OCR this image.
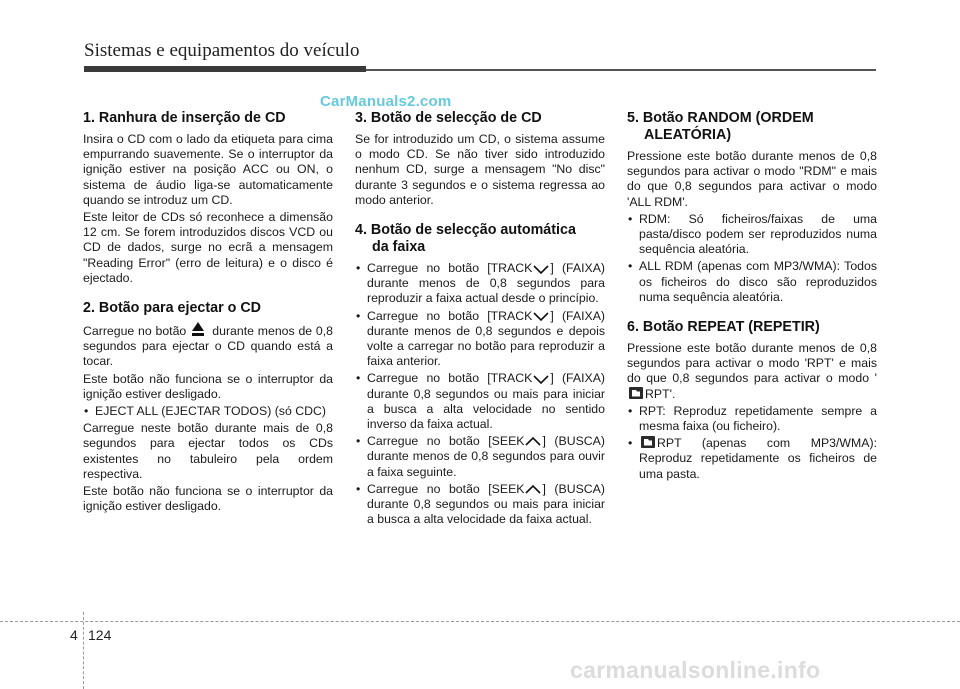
Sistemas e equipamentos do veículo
CarManuals2.com
1. Ranhura de inserção de CD

Insira o CD com o lado da etiqueta para cima empurrando suavemente. Se o interruptor da ignição estiver na posição ACC ou ON, o sistema de áudio liga-se automaticamente quando se introduz um CD.

Este leitor de CDs só reconhece a dimensão 12 cm. Se forem introduzidos discos VCD ou CD de dados, surge no ecrã a mensagem "Reading Error" (erro de leitura) e o disco é ejectado.

2. Botão para ejectar o CD

Carregue no botão durante menos de 0,8 segundos para ejectar o CD quando está a tocar.

Este botão não funciona se o interruptor da ignição estiver desligado.

• EJECT ALL (EJECTAR TODOS) (só CDC)

Carregue neste botão durante mais de 0,8 segundos para ejectar todos os CDs existentes no tabuleiro pela ordem respectiva.

Este botão não funciona se o interruptor da ignição estiver desligado.

3. Botão de selecção de CD

Se for introduzido um CD, o sistema assume o modo CD. Se não tiver sido introduzido nenhum CD, surge a mensagem "No disc" durante 3 segundos e o sistema regressa ao modo anterior.

4. Botão de selecção automática
da faixa
• Carregue no botão [TRACK ] (FAIXA) durante menos de 0,8 segundos para reproduzir a faixa actual desde o princípio.
• Carregue no botão [TRACK ] (FAIXA) durante menos de 0,8 segundos e depois volte a carregar no botão para reproduzir a faixa anterior.
• Carregue no botão [TRACK ] (FAIXA) durante 0,8 segundos ou mais para iniciar a busca a alta velocidade no sentido inverso da faixa actual.
• Carregue no botão [SEEK ] (BUSCA) durante menos de 0,8 segundos para ouvir a faixa seguinte.
• Carregue no botão [SEEK ] (BUSCA) durante 0,8 segundos ou mais para iniciar a busca a alta velocidade da faixa actual.
5. Botão RANDOM (ORDEM
ALEATÓRIA)

Pressione este botão durante menos de 0,8 segundos para activar o modo "RDM" e mais do que 0,8 segundos para activar o modo 'ALL RDM'.

• RDM: Só ficheiros/faixas de uma pasta/disco podem ser reproduzidos numa sequência aleatória.
• ALL RDM (apenas com MP3/WMA): Todos os ficheiros do disco são reproduzidos numa sequência aleatória.
6. Botão REPEAT (REPETIR)

Pressione este botão durante menos de 0,8 segundos para activar o modo 'RPT' e mais do que 0,8 segundos para activar o modo 'RPT'.

• RPT: Reproduz repetidamente sempre a mesma faixa (ou ficheiro).
• RPT (apenas com MP3/WMA): Reproduz repetidamente os ficheiros de uma pasta.
4 124
carmanualsonline.info
